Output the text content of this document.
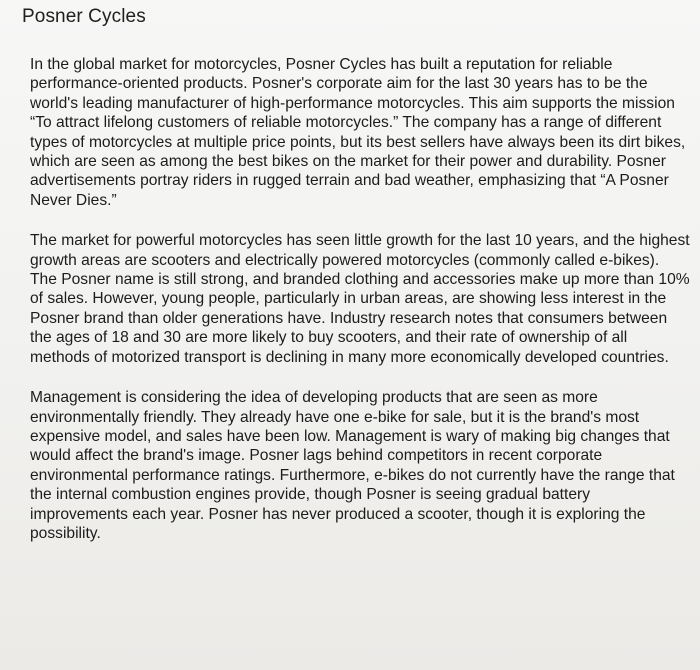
Posner Cycles

In the global market for motorcycles, Posner Cycles has built a reputation for reliable performance-oriented products. Posner's corporate aim for the last 30 years has to be the world's leading manufacturer of high-performance motorcycles. This aim supports the mission “To attract lifelong customers of reliable motorcycles.” The company has a range of different types of motorcycles at multiple price points, but its best sellers have always been its dirt bikes, which are seen as among the best bikes on the market for their power and durability. Posner advertisements portray riders in rugged terrain and bad weather, emphasizing that “A Posner Never Dies.”

The market for powerful motorcycles has seen little growth for the last 10 years, and the highest growth areas are scooters and electrically powered motorcycles (commonly called e-bikes).

The Posner name is still strong, and branded clothing and accessories make up more than 10% of sales. However, young people, particularly in urban areas, are showing less interest in the Posner brand than older generations have. Industry research notes that consumers between the ages of 18 and 30 are more likely to buy scooters, and their rate of ownership of all methods of motorized transport is declining in many more economically developed countries.

Management is considering the idea of developing products that are seen as more environmentally friendly. They already have one e-bike for sale, but it is the brand's most expensive model, and sales have been low. Management is wary of making big changes that would affect the brand's image. Posner lags behind competitors in recent corporate environmental performance ratings. Furthermore, e-bikes do not currently have the range that the internal combustion engines provide, though Posner is seeing gradual battery improvements each year. Posner has never produced a scooter, though it is exploring the possibility.
